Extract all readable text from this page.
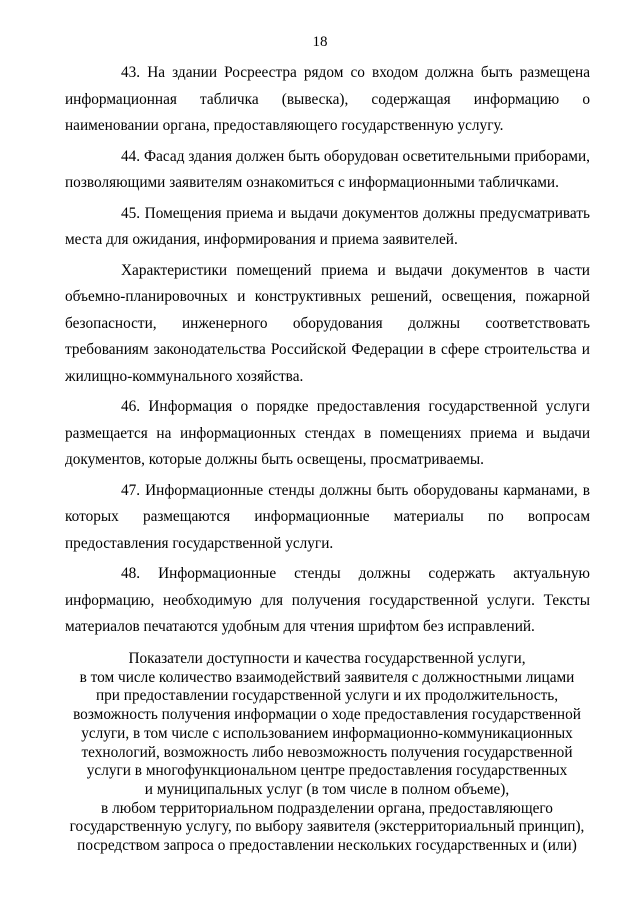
18

43. На здании Росреестра рядом со входом должна быть размещена информационная табличка (вывеска), содержащая информацию о наименовании органа, предоставляющего государственную услугу.

44. Фасад здания должен быть оборудован осветительными приборами, позволяющими заявителям ознакомиться с информационными табличками.

45. Помещения приема и выдачи документов должны предусматривать места для ожидания, информирования и приема заявителей.

Характеристики помещений приема и выдачи документов в части объемно-планировочных и конструктивных решений, освещения, пожарной безопасности, инженерного оборудования должны соответствовать требованиям законодательства Российской Федерации в сфере строительства и жилищно-коммунального хозяйства.

46. Информация о порядке предоставления государственной услуги размещается на информационных стендах в помещениях приема и выдачи документов, которые должны быть освещены, просматриваемы.

47. Информационные стенды должны быть оборудованы карманами, в которых размещаются информационные материалы по вопросам предоставления государственной услуги.

48. Информационные стенды должны содержать актуальную информацию, необходимую для получения государственной услуги. Тексты материалов печатаются удобным для чтения шрифтом без исправлений.

Показатели доступности и качества государственной услуги,
в том числе количество взаимодействий заявителя с должностными лицами
при предоставлении государственной услуги и их продолжительность,
возможность получения информации о ходе предоставления государственной
услуги, в том числе с использованием информационно-коммуникационных
технологий, возможность либо невозможность получения государственной
услуги в многофункциональном центре предоставления государственных
и муниципальных услуг (в том числе в полном объеме),
в любом территориальном подразделении органа, предоставляющего
государственную услугу, по выбору заявителя (экстерриториальный принцип),
посредством запроса о предоставлении нескольких государственных и (или)
